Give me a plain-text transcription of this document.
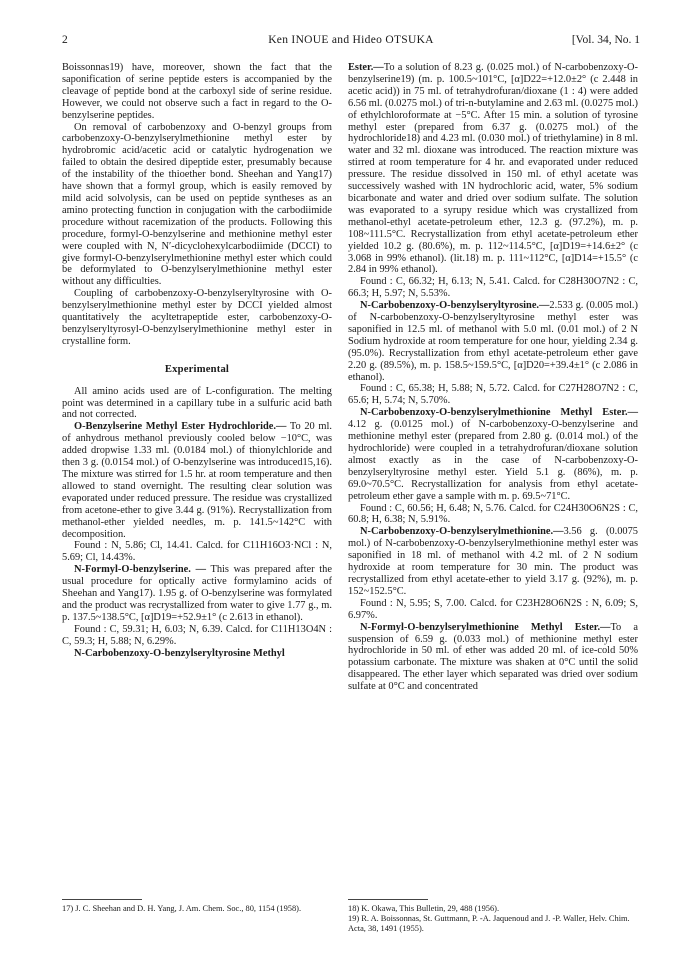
2	Ken INOUE and Hideo OTSUKA	[Vol. 34, No. 1

Boissonnas19) have, moreover, shown the fact that the saponification of serine peptide esters is accompanied by the cleavage of peptide bond at the carboxyl side of serine residue. However, we could not observe such a fact in regard to the O-benzylserine peptides.

On removal of carbobenzoxy and O-benzyl groups from carbobenzoxy-O-benzylserylmethionine methyl ester by hydrobromic acid/acetic acid or catalytic hydrogenation we failed to obtain the desired dipeptide ester, presumably because of the instability of the thioether bond. Sheehan and Yang17) have shown that a formyl group, which is easily removed by mild acid solvolysis, can be used on peptide syntheses as an amino protecting function in conjugation with the carbodiimide procedure without racemization of the products. Following this procedure, formyl-O-benzylserine and methionine methyl ester were coupled with N, N′-dicyclohexylcarbodiimide (DCCI) to give formyl-O-benzylserylmethionine methyl ester which could be deformylated to O-benzylserylmethionine methyl ester without any difficulties.

Coupling of carbobenzoxy-O-benzylseryltyrosine with O-benzylserylmethionine methyl ester by DCCI yielded almost quantitatively the acyltetrapeptide ester, carbobenzoxy-O-benzylseryltyrosyl-O-benzylserylmethionine methyl ester in crystalline form.

Experimental

All amino acids used are of L-configuration. The melting point was determined in a capillary tube in a sulfuric acid bath and not corrected.

O-Benzylserine Methyl Ester Hydrochloride.— To 20 ml. of anhydrous methanol previously cooled below −10°C, was added dropwise 1.33 ml. (0.0184 mol.) of thionylchloride and then 3 g. (0.0154 mol.) of O-benzylserine was introduced15,16). The mixture was stirred for 1.5 hr. at room temperature and then allowed to stand overnight. The resulting clear solution was evaporated under reduced pressure. The residue was crystallized from acetone-ether to give 3.44 g. (91%). Recrystallization from methanol-ether yielded needles, m. p. 141.5~142°C with decomposition.

Found : N, 5.86; Cl, 14.41. Calcd. for C11H16O3·NCl : N, 5.69; Cl, 14.43%.

N-Formyl-O-benzylserine. — This was prepared after the usual procedure for optically active formylamino acids of Sheehan and Yang17). 1.95 g. of O-benzylserine was formylated and the product was recrystallized from water to give 1.77 g., m. p. 137.5~138.5°C, [α]D19=+52.9±1° (c 2.613 in ethanol).

Found : C, 59.31; H, 6.03; N, 6.39. Calcd. for C11H13O4N : C, 59.3; H, 5.88; N, 6.29%.

N-Carbobenzoxy-O-benzylseryltyrosine Methyl

Ester.—To a solution of 8.23 g. (0.025 mol.) of N-carbobenzoxy-O-benzylserine19) (m. p. 100.5~101°C, [α]D22=+12.0±2° (c 2.448 in acetic acid)) in 75 ml. of tetrahydrofuran/dioxane (1 : 4) were added 6.56 ml. (0.0275 mol.) of tri-n-butylamine and 2.63 ml. (0.0275 mol.) of ethylchloroformate at −5°C. After 15 min. a solution of tyrosine methyl ester (prepared from 6.37 g. (0.0275 mol.) of the hydrochloride18) and 4.23 ml. (0.030 mol.) of triethylamine) in 8 ml. water and 32 ml. dioxane was introduced. The reaction mixture was stirred at room temperature for 4 hr. and evaporated under reduced pressure. The residue dissolved in 150 ml. of ethyl acetate was successively washed with 1N hydrochloric acid, water, 5% sodium bicarbonate and water and dried over sodium sulfate. The solution was evaporated to a syrupy residue which was crystallized from methanol-ethyl acetate-petroleum ether, 12.3 g. (97.2%), m. p. 108~111.5°C. Recrystallization from ethyl acetate-petroleum ether yielded 10.2 g. (80.6%), m. p. 112~114.5°C, [α]D19=+14.6±2° (c 3.068 in 99% ethanol). (lit.18) m. p. 111~112°C, [α]D14=+15.5° (c 2.84 in 99% ethanol).

Found : C, 66.32; H, 6.13; N, 5.41. Calcd. for C28H30O7N2 : C, 66.3; H, 5.97; N, 5.53%.

N-Carbobenzoxy-O-benzylseryltyrosine.—2.533 g. (0.005 mol.) of N-carbobenzoxy-O-benzylseryltyrosine methyl ester was saponified in 12.5 ml. of methanol with 5.0 ml. (0.01 mol.) of 2 N Sodium hydroxide at room temperature for one hour, yielding 2.34 g. (95.0%). Recrystallization from ethyl acetate-petroleum ether gave 2.20 g. (89.5%), m. p. 158.5~159.5°C, [α]D20=+39.4±1° (c 2.086 in ethanol).

Found : C, 65.38; H, 5.88; N, 5.72. Calcd. for C27H28O7N2 : C, 65.6; H, 5.74; N, 5.70%.

N-Carbobenzoxy-O-benzylserylmethionine Methyl Ester.—4.12 g. (0.0125 mol.) of N-carbobenzoxy-O-benzylserine and methionine methyl ester (prepared from 2.80 g. (0.014 mol.) of the hydrochloride) were coupled in a tetrahydrofuran/dioxane solution almost exactly as in the case of N-carbobenzoxy-O-benzylseryltyrosine methyl ester. Yield 5.1 g. (86%), m. p. 69.0~70.5°C. Recrystallization for analysis from ethyl acetate-petroleum ether gave a sample with m. p. 69.5~71°C.

Found : C, 60.56; H, 6.48; N, 5.76. Calcd. for C24H30O6N2S : C, 60.8; H, 6.38; N, 5.91%.

N-Carbobenzoxy-O-benzylserylmethionine.—3.56 g. (0.0075 mol.) of N-carbobenzoxy-O-benzylserylmethionine methyl ester was saponified in 18 ml. of methanol with 4.2 ml. of 2 N sodium hydroxide at room temperature for 30 min. The product was recrystallized from ethyl acetate-ether to yield 3.17 g. (92%), m. p. 152~152.5°C.

Found : N, 5.95; S, 7.00. Calcd. for C23H28O6N2S : N, 6.09; S, 6.97%.

N-Formyl-O-benzylserylmethionine Methyl Ester.—To a suspension of 6.59 g. (0.033 mol.) of methionine methyl ester hydrochloride in 50 ml. of ether was added 20 ml. of ice-cold 50% potassium carbonate. The mixture was shaken at 0°C until the solid disappeared. The ether layer which separated was dried over sodium sulfate at 0°C and concentrated

17) J. C. Sheehan and D. H. Yang, J. Am. Chem. Soc., 80, 1154 (1958).	18) K. Okawa, This Bulletin, 29, 488 (1956).
19) R. A. Boissonnas, St. Guttmann, P. -A. Jaquenoud and J. -P. Waller, Helv. Chim. Acta, 38, 1491 (1955).
